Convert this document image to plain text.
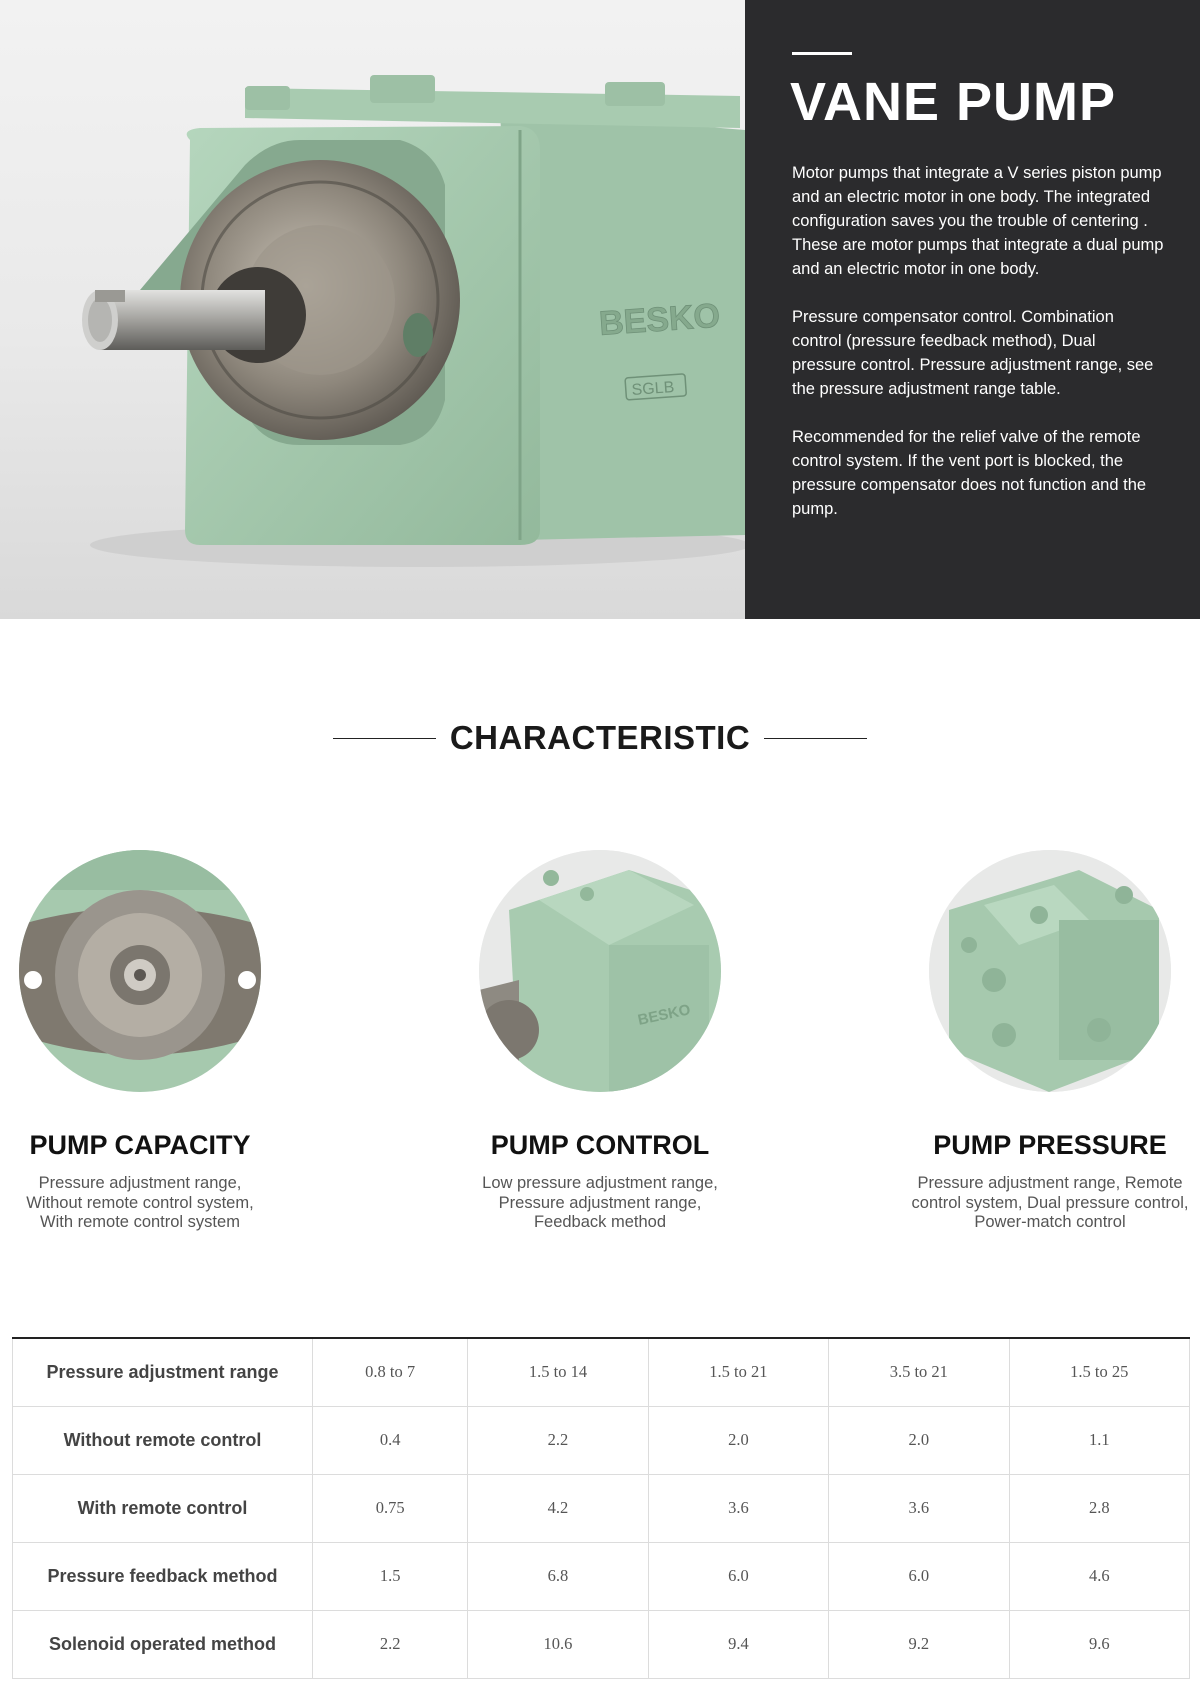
BESKO
SGLB
VANE PUMP

Motor pumps that integrate a V series piston pump and an electric motor in one body. The integrated configuration saves you the trouble of centering . These are motor pumps that integrate a dual pump and an electric motor in one body.

Pressure compensator control. Combination control (pressure feedback method), Dual pressure control. Pressure adjustment range, see the pressure adjustment range table.

Recommended for the relief valve of the remote control system. If the vent port is blocked, the pressure compensator does not function and the pump.

CHARACTERISTIC
PUMP CAPACITY
Pressure adjustment range,
Without remote control system,
With remote control system
BESKO
PUMP CONTROL
Low pressure adjustment range,
Pressure adjustment range,
Feedback method
PUMP PRESSURE
Pressure adjustment range, Remote
control system, Dual pressure control,
Power-match control
Pressure adjustment range	0.8 to 7	1.5 to 14	1.5 to 21	3.5 to 21	1.5 to 25
Without remote control	0.4	2.2	2.0	2.0	1.1
With remote control	0.75	4.2	3.6	3.6	2.8
Pressure feedback method	1.5	6.8	6.0	6.0	4.6
Solenoid operated method	2.2	10.6	9.4	9.2	9.6
